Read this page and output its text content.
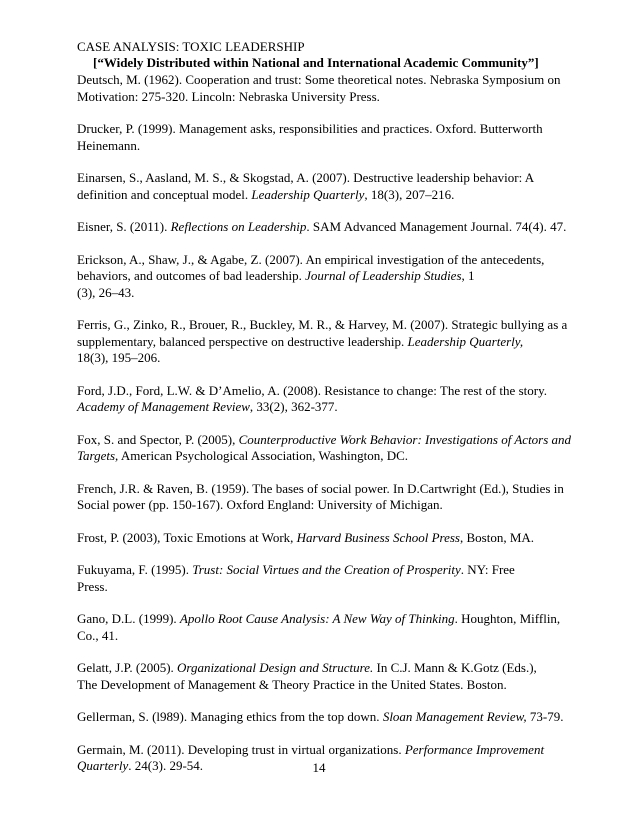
CASE ANALYSIS: TOXIC LEADERSHIP
[“Widely Distributed within National and International Academic Community”]
Deutsch, M. (1962). Cooperation and trust: Some theoretical notes. Nebraska Symposium on
Motivation: 275-320. Lincoln: Nebraska University Press.
Drucker, P. (1999). Management asks, responsibilities and practices. Oxford. Butterworth
Heinemann.
Einarsen, S., Aasland, M. S., & Skogstad, A. (2007). Destructive leadership behavior: A
definition and conceptual model. Leadership Quarterly, 18(3), 207–216.
Eisner, S. (2011). Reflections on Leadership. SAM Advanced Management Journal. 74(4). 47.
Erickson, A., Shaw, J., & Agabe, Z. (2007). An empirical investigation of the antecedents,
behaviors, and outcomes of bad leadership. Journal of Leadership Studies, 1
(3), 26–43.
Ferris, G., Zinko, R., Brouer, R., Buckley, M. R., & Harvey, M. (2007). Strategic bullying as a
supplementary, balanced perspective on destructive leadership. Leadership Quarterly,
18(3), 195–206.
Ford, J.D., Ford, L.W. & D’Amelio, A. (2008). Resistance to change: The rest of the story.
Academy of Management Review, 33(2), 362-377.
Fox, S. and Spector, P. (2005), Counterproductive Work Behavior: Investigations of Actors and
Targets, American Psychological Association, Washington, DC.
French, J.R. & Raven, B. (1959). The bases of social power. In D.Cartwright (Ed.), Studies in
Social power (pp. 150-167). Oxford England: University of Michigan.
Frost, P. (2003), Toxic Emotions at Work, Harvard Business School Press, Boston, MA.
Fukuyama, F. (1995). Trust: Social Virtues and the Creation of Prosperity. NY: Free
Press.
Gano, D.L. (1999). Apollo Root Cause Analysis: A New Way of Thinking. Houghton, Mifflin,
Co., 41.
Gelatt, J.P. (2005). Organizational Design and Structure. In C.J. Mann & K.Gotz (Eds.),
The Development of Management & Theory Practice in the United States. Boston.
Gellerman, S. (l989). Managing ethics from the top down. Sloan Management Review, 73-79.
Germain, M. (2011). Developing trust in virtual organizations. Performance Improvement
Quarterly. 24(3). 29-54.	14
